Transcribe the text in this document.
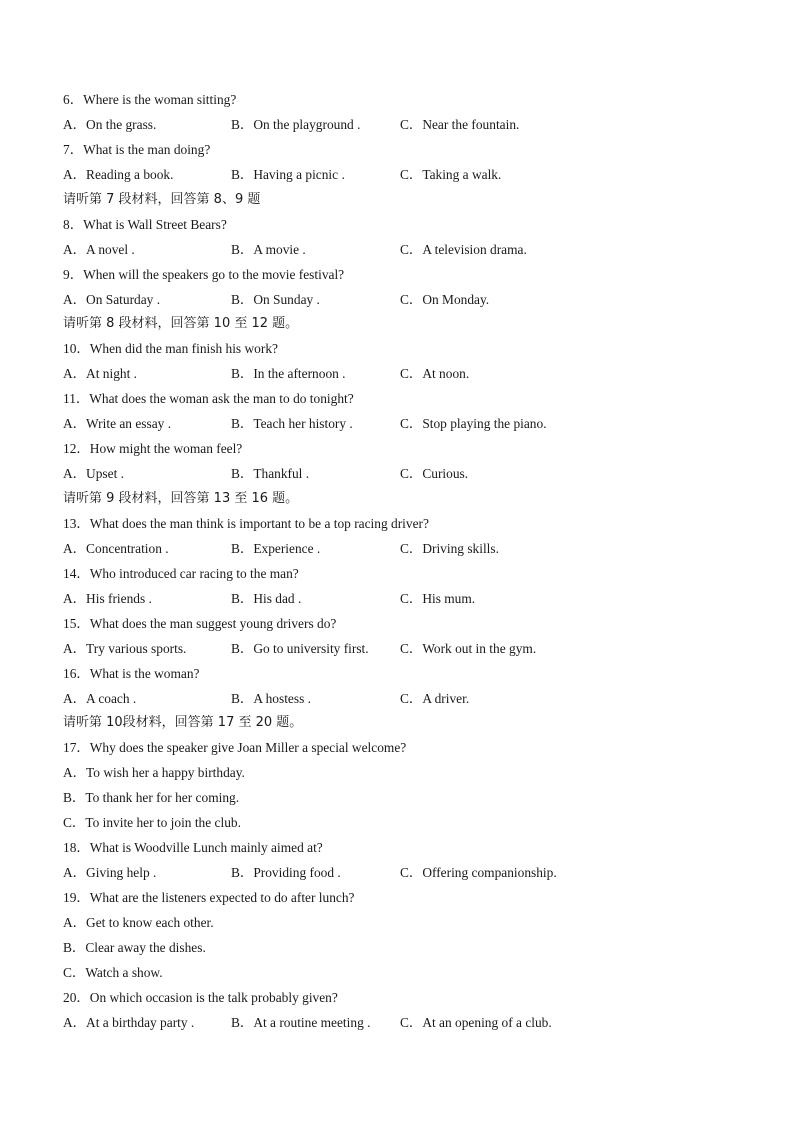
6．Where is the woman sitting?
A．On the grass.	B．On the playground .	C．Near the fountain.
7．What is the man doing?
A．Reading a book.	B．Having a picnic .	C．Taking a walk.
请听第 7 段材料，回答第 8、9 题
8．What is Wall Street Bears?
A．A novel .	B．A movie .	C．A television drama.
9．When will the speakers go to the movie festival?
A．On Saturday .	B．On Sunday .	C．On Monday.
请听第 8 段材料，回答第 10 至 12 题。
10．When did the man finish his work?
A．At night .	B．In the afternoon .	C．At noon.
11．What does the woman ask the man to do tonight?
A．Write an essay .	B．Teach her history .	C．Stop playing the piano.
12．How might the woman feel?
A．Upset .	B．Thankful .	C．Curious.
请听第 9 段材料，回答第 13 至 16 题。
13．What does the man think is important to be a top racing driver?
A．Concentration .	B．Experience .	C．Driving skills.
14．Who introduced car racing to the man?
A．His friends .	B．His dad .	C．His mum.
15．What does the man suggest young drivers do?
A．Try various sports.	B．Go to university first. C．Work out in the gym.
16．What is the woman?
A．A coach .	B．A hostess .	C．A driver.
请听第 10段材料，回答第 17 至 20 题。
17．Why does the speaker give Joan Miller a special welcome?
A．To wish her a happy birthday.
B．To thank her for her coming.
C．To invite her to join the club.
18．What is Woodville Lunch mainly aimed at?
A．Giving help .	B．Providing food .	C．Offering companionship.
19．What are the listeners expected to do after lunch?
A．Get to know each other.
B．Clear away the dishes.
C．Watch a show.
20．On which occasion is the talk probably given?
A．At a birthday party .	B．At a routine meeting . C．At an opening of a club.
